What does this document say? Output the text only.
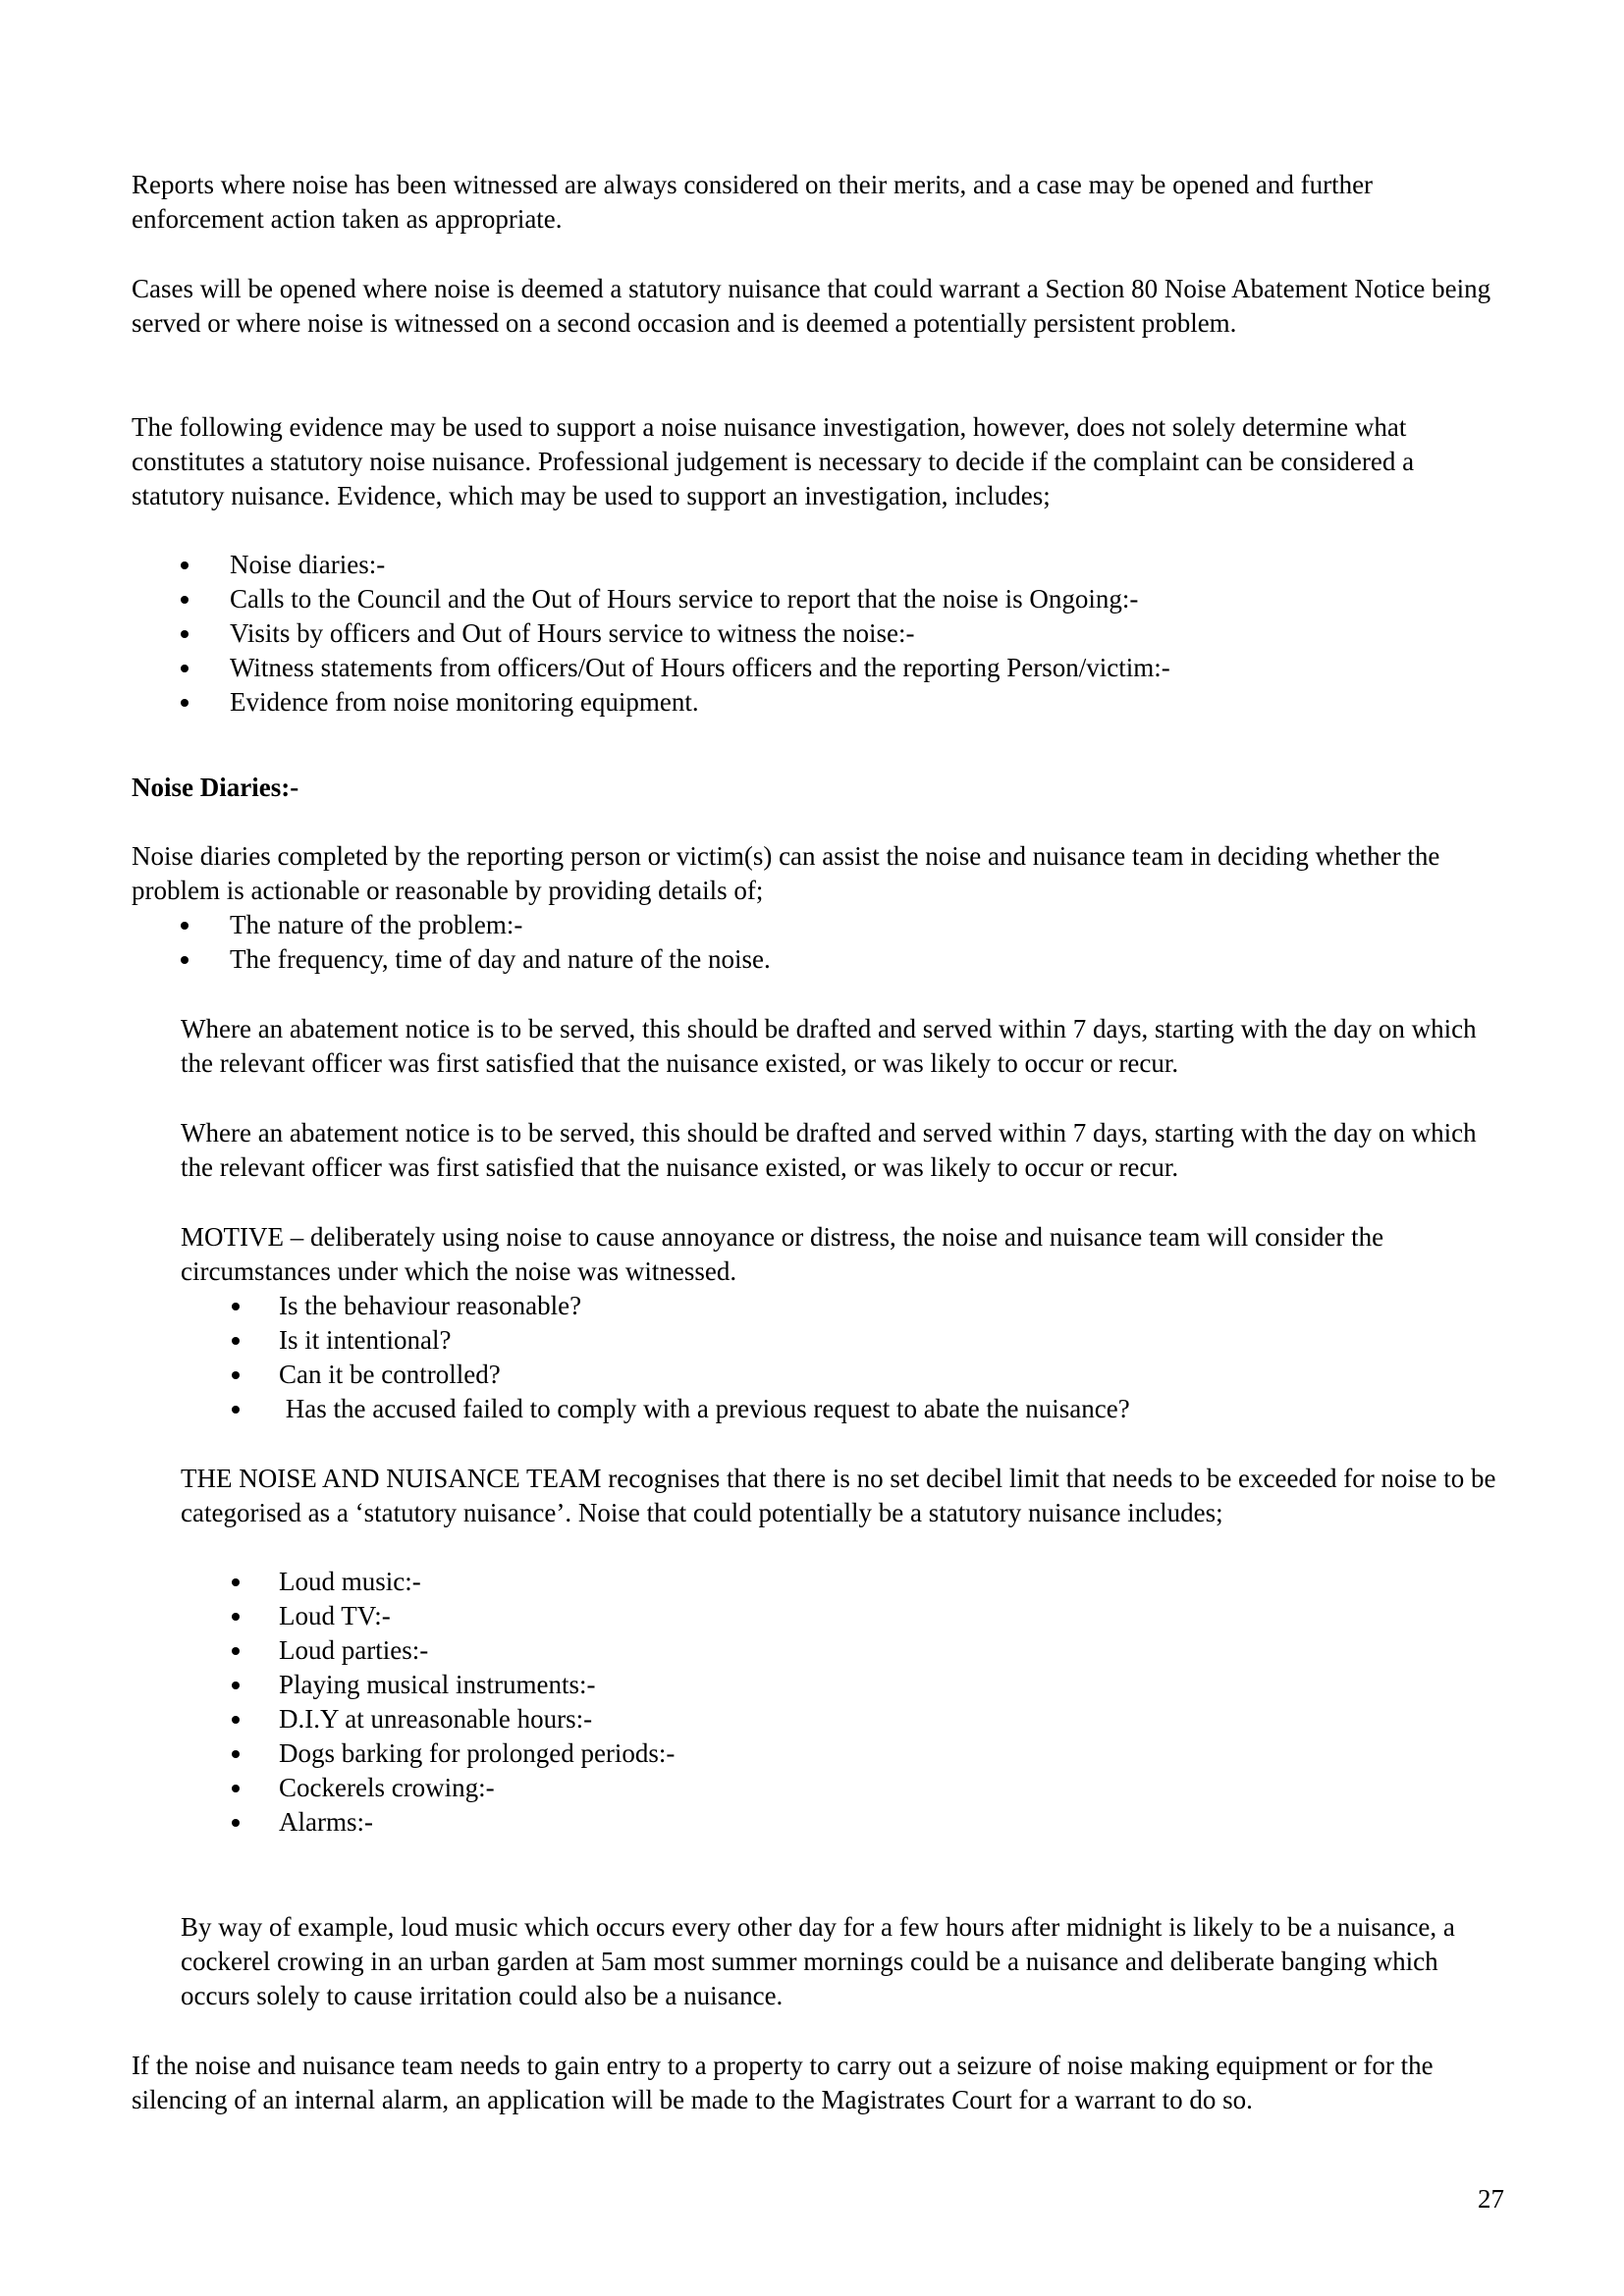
Reports where noise has been witnessed are always considered on their merits, and a case may be opened and further enforcement action taken as appropriate.

Cases will be opened where noise is deemed a statutory nuisance that could warrant a Section 80 Noise Abatement Notice being served or where noise is witnessed on a second occasion and is deemed a potentially persistent problem.

The following evidence may be used to support a noise nuisance investigation, however, does not solely determine what constitutes a statutory noise nuisance. Professional judgement is necessary to decide if the complaint can be considered a statutory nuisance. Evidence, which may be used to support an investigation, includes;

Noise diaries:-
Calls to the Council and the Out of Hours service to report that the noise is Ongoing:-
Visits by officers and Out of Hours service to witness the noise:-
Witness statements from officers/Out of Hours officers and the reporting Person/victim:-
Evidence from noise monitoring equipment.

Noise Diaries:-

Noise diaries completed by the reporting person or victim(s) can assist the noise and nuisance team in deciding whether the problem is actionable or reasonable by providing details of;

The nature of the problem:-
The frequency, time of day and nature of the noise.

Where an abatement notice is to be served, this should be drafted and served within 7 days, starting with the day on which the relevant officer was first satisfied that the nuisance existed, or was likely to occur or recur.

Where an abatement notice is to be served, this should be drafted and served within 7 days, starting with the day on which the relevant officer was first satisfied that the nuisance existed, or was likely to occur or recur.

MOTIVE – deliberately using noise to cause annoyance or distress, the noise and nuisance team will consider the circumstances under which the noise was witnessed.

Is the behaviour reasonable?
Is it intentional?
Can it be controlled?
Has the accused failed to comply with a previous request to abate the nuisance?

THE NOISE AND NUISANCE TEAM recognises that there is no set decibel limit that needs to be exceeded for noise to be categorised as a ‘statutory nuisance’. Noise that could potentially be a statutory nuisance includes;

Loud music:-
Loud TV:-
Loud parties:-
Playing musical instruments:-
D.I.Y at unreasonable hours:-
Dogs barking for prolonged periods:-
Cockerels crowing:-
Alarms:-

By way of example, loud music which occurs every other day for a few hours after midnight is likely to be a nuisance, a cockerel crowing in an urban garden at 5am most summer mornings could be a nuisance and deliberate banging which occurs solely to cause irritation could also be a nuisance.

If the noise and nuisance team needs to gain entry to a property to carry out a seizure of noise making equipment or for the silencing of an internal alarm, an application will be made to the Magistrates Court for a warrant to do so.

27
